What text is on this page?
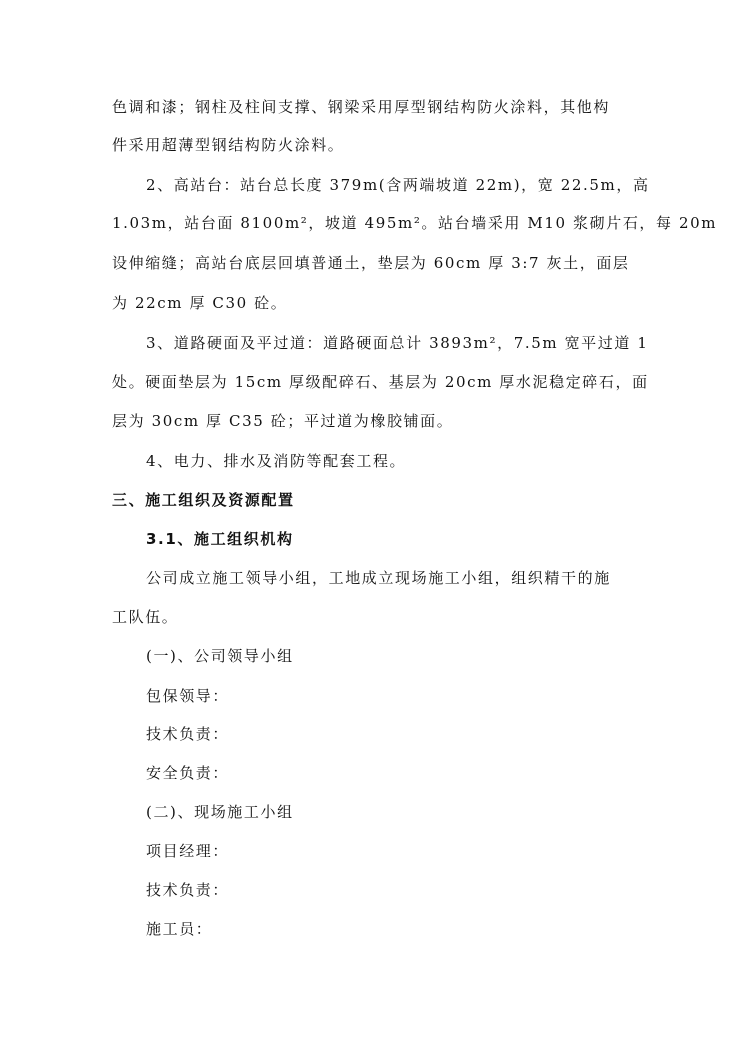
色调和漆；钢柱及柱间支撑、钢梁采用厚型钢结构防火涂料，其他构
件采用超薄型钢结构防火涂料。
2、高站台：站台总长度 379m(含两端坡道 22m)，宽 22.5m，高
1.03m，站台面 8100m²，坡道 495m²。站台墙采用 M10 浆砌片石，每 20m
设伸缩缝；高站台底层回填普通土，垫层为 60cm 厚 3:7 灰土，面层
为 22cm 厚 C30 砼。
3、道路硬面及平过道：道路硬面总计 3893m²，7.5m 宽平过道 1
处。硬面垫层为 15cm 厚级配碎石、基层为 20cm 厚水泥稳定碎石，面
层为 30cm 厚 C35 砼；平过道为橡胶铺面。
4、电力、排水及消防等配套工程。
三、施工组织及资源配置
3.1、施工组织机构
公司成立施工领导小组，工地成立现场施工小组，组织精干的施
工队伍。
(一)、公司领导小组
包保领导：
技术负责：
安全负责：
(二)、现场施工小组
项目经理：
技术负责：
施工员：
